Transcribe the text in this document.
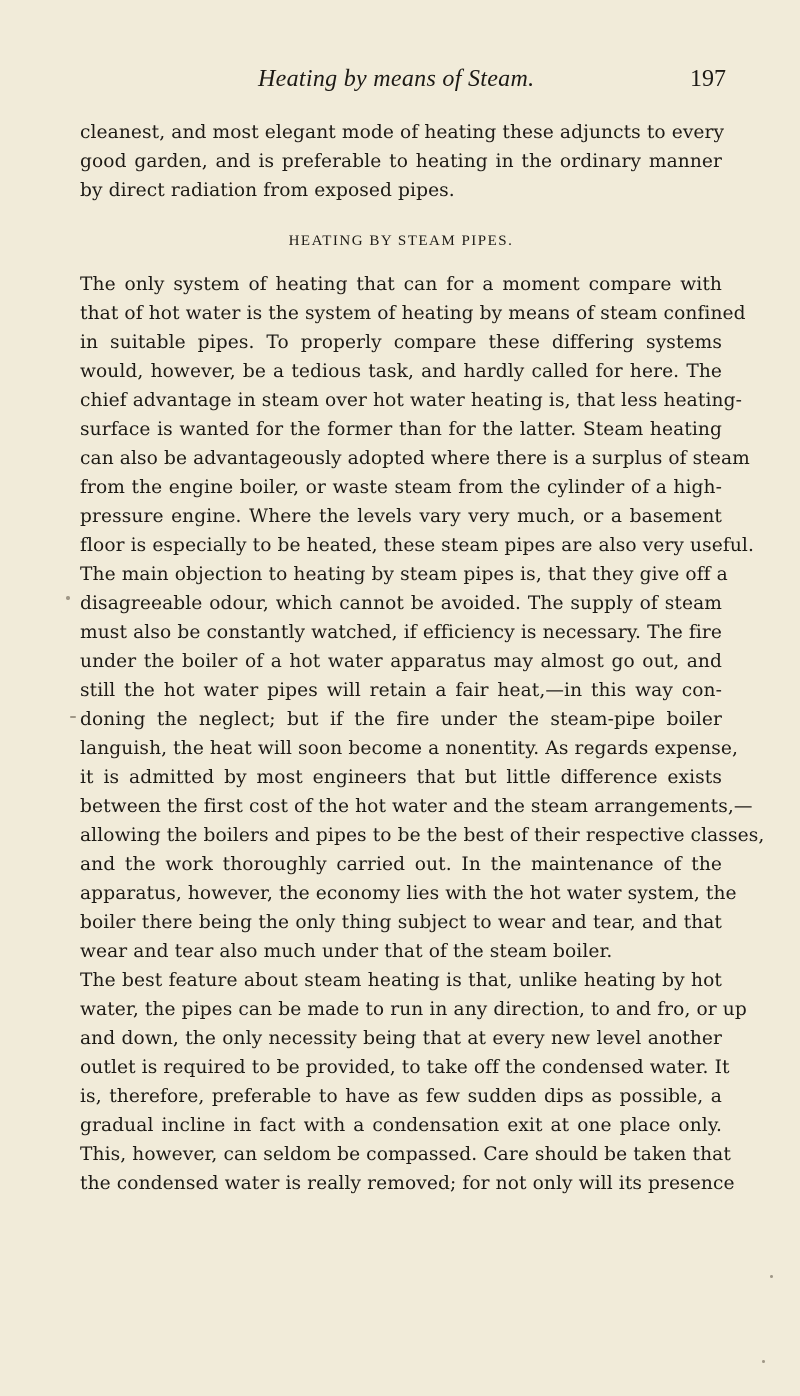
Heating by means of Steam.	197
cleanest, and most elegant mode of heating these adjuncts to every
good garden, and is preferable to heating in the ordinary manner
by direct radiation from exposed pipes.
HEATING BY STEAM PIPES.
The only system of heating that can for a moment compare with
that of hot water is the system of heating by means of steam confined
in suitable pipes. To properly compare these differing systems
would, however, be a tedious task, and hardly called for here. The
chief advantage in steam over hot water heating is, that less heating-
surface is wanted for the former than for the latter. Steam heating
can also be advantageously adopted where there is a surplus of steam
from the engine boiler, or waste steam from the cylinder of a high-
pressure engine. Where the levels vary very much, or a basement
floor is especially to be heated, these steam pipes are also very useful.
The main objection to heating by steam pipes is, that they give off a
disagreeable odour, which cannot be avoided. The supply of steam
must also be constantly watched, if efficiency is necessary. The fire
under the boiler of a hot water apparatus may almost go out, and
still the hot water pipes will retain a fair heat,—in this way con-
doning the neglect; but if the fire under the steam-pipe boiler
languish, the heat will soon become a nonentity. As regards expense,
it is admitted by most engineers that but little difference exists
between the first cost of the hot water and the steam arrangements,—
allowing the boilers and pipes to be the best of their respective classes,
and the work thoroughly carried out. In the maintenance of the
apparatus, however, the economy lies with the hot water system, the
boiler there being the only thing subject to wear and tear, and that
wear and tear also much under that of the steam boiler.
The best feature about steam heating is that, unlike heating by hot
water, the pipes can be made to run in any direction, to and fro, or up
and down, the only necessity being that at every new level another
outlet is required to be provided, to take off the condensed water. It
is, therefore, preferable to have as few sudden dips as possible, a
gradual incline in fact with a condensation exit at one place only.
This, however, can seldom be compassed. Care should be taken that
the condensed water is really removed; for not only will its presence
